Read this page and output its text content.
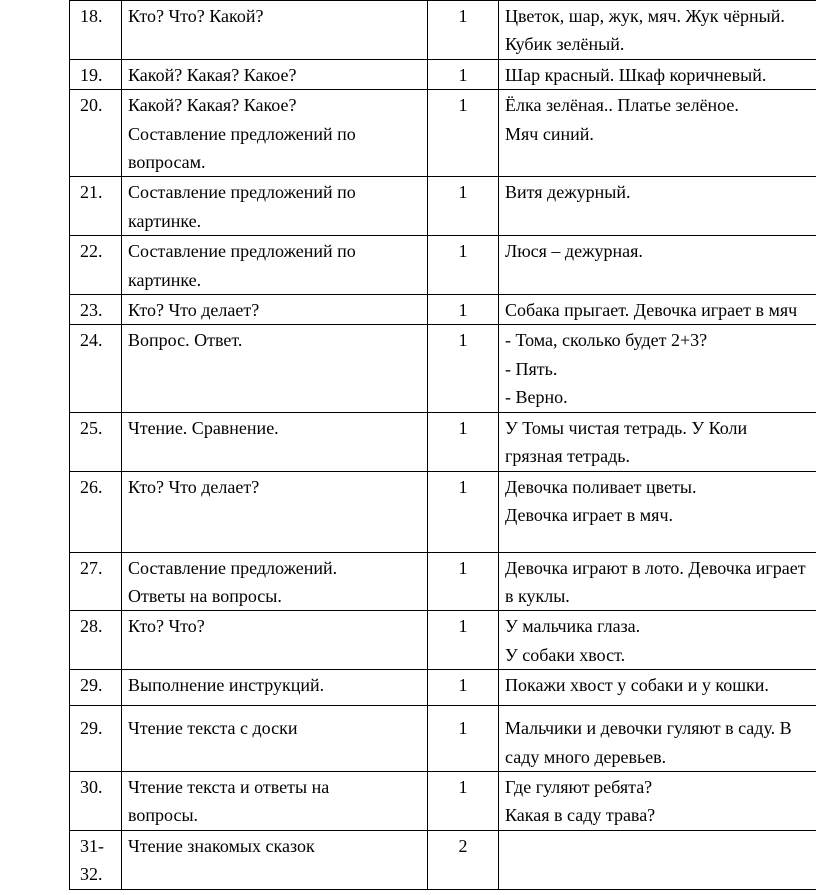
18.	Кто? Что? Какой?	1	Цветок, шар, жук, мяч. Жук чёрный.
Кубик зелёный.

19.	Какой? Какая? Какое?	1	Шар красный. Шкаф коричневый.

20.	Какой? Какая? Какое?
Составление предложений по
вопросам.	1	Ёлка зелёная.. Платье зелёное.
Мяч синий.

21.	Составление предложений по
картинке.	1	Витя дежурный.

22.	Составление предложений по
картинке.	1	Люся – дежурная.

23.	Кто? Что делает?	1	Собака прыгает. Девочка играет в мяч

24.	Вопрос. Ответ.	1	- Тома, сколько будет 2+3?
- Пять.
- Верно.

25.	Чтение. Сравнение.	1	У Томы чистая тетрадь. У Коли
грязная тетрадь.

26.	Кто? Что делает?	1	Девочка поливает цветы.
Девочка играет в мяч.

27.	Составление предложений.
Ответы на вопросы.	1	Девочка играют в лото. Девочка играет
в куклы.

28.	Кто? Что?	1	У мальчика глаза.
У собаки хвост.

29.	Выполнение инструкций.	1	Покажи хвост у собаки и у кошки.

29.	Чтение текста с доски	1	Мальчики и девочки гуляют в саду. В
саду много деревьев.

30.	Чтение текста и ответы на
вопросы.	1	Где гуляют ребята?
Какая в саду трава?

31-32.	Чтение знакомых сказок	2	
